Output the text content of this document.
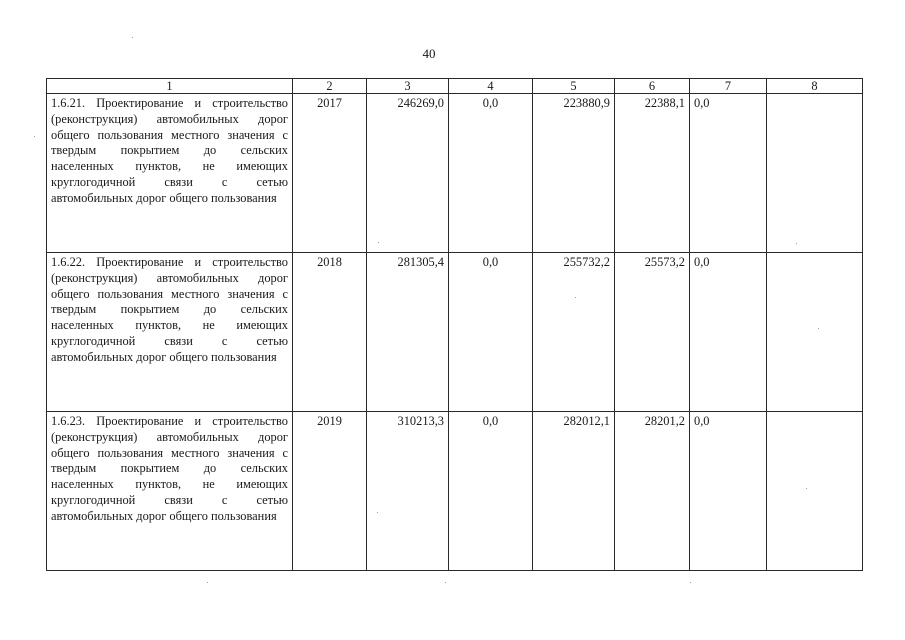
40
1	2	3	4	5	6	7	8
1.6.21. Проектирование и строительство (реконструкция) автомобильных дорог общего пользования местного значения с твердым покрытием до сельских населенных пунктов, не имеющих круглогодичной связи с сетью автомобильных дорог общего пользования	2017	246269,0	0,0	223880,9	22388,1	0,0	
1.6.22. Проектирование и строительство (реконструкция) автомобильных дорог общего пользования местного значения с твердым покрытием до сельских населенных пунктов, не имеющих круглогодичной связи с сетью автомобильных дорог общего пользования	2018	281305,4	0,0	255732,2	25573,2	0,0	
1.6.23. Проектирование и строительство (реконструкция) автомобильных дорог общего пользования местного значения с твердым покрытием до сельских населенных пунктов, не имеющих круглогодичной связи с сетью автомобильных дорог общего пользования	2019	310213,3	0,0	282012,1	28201,2	0,0	
